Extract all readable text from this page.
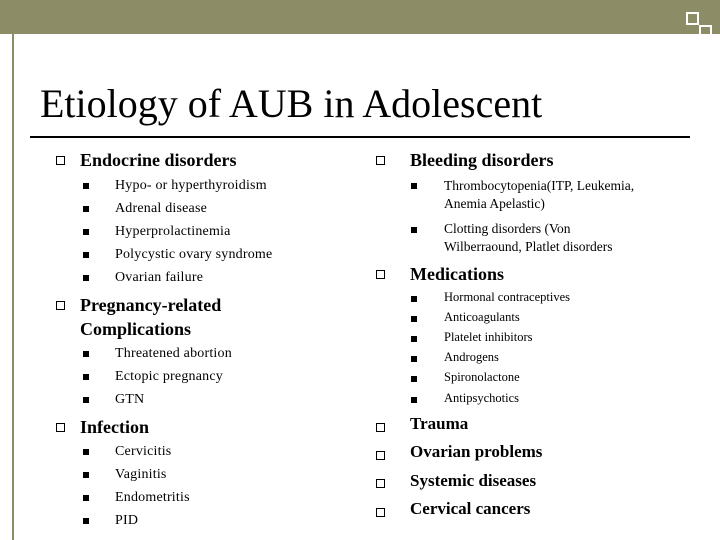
Etiology of AUB in Adolescent
Endocrine disorders
Hypo- or hyperthyroidism
Adrenal disease
Hyperprolactinemia
Polycystic ovary syndrome
Ovarian failure
Pregnancy-related
Complications
Threatened abortion
Ectopic pregnancy
GTN
Infection
Cervicitis
Vaginitis
Endometritis
PID
Bleeding disorders
Thrombocytopenia(ITP, Leukemia,
Anemia Apelastic)
Clotting disorders (Von
Wilberraound, Platlet disorders
Medications
Hormonal contraceptives
Anticoagulants
Platelet inhibitors
Androgens
Spironolactone
Antipsychotics
Trauma
Ovarian problems
Systemic diseases
Cervical cancers
